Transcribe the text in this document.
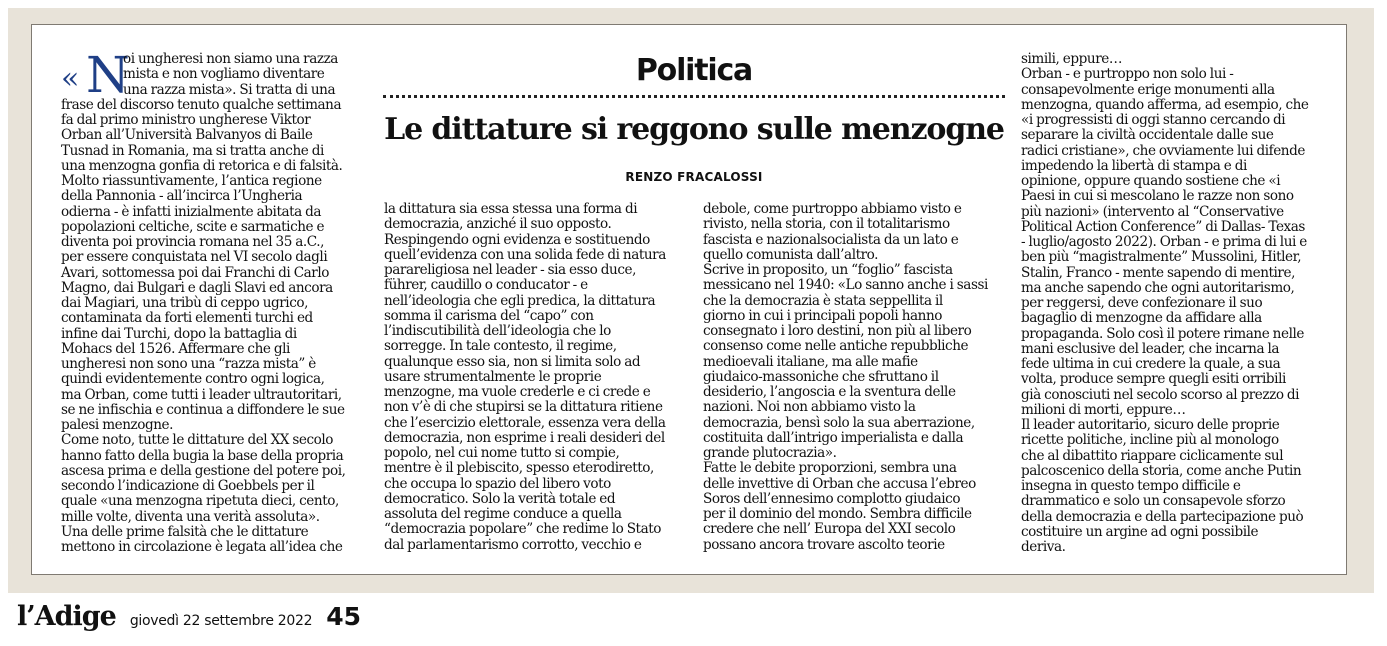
« N
oi ungheresi non siamo una razza
mista e non vogliamo diventare
una razza mista». Si tratta di una
frase del discorso tenuto qualche settimana
fa dal primo ministro ungherese Viktor
Orban all’Università Balvanyos di Baile
Tusnad in Romania, ma si tratta anche di
una menzogna gonfia di retorica e di falsità.
Molto riassuntivamente, l’antica regione
della Pannonia - all’incirca l’Ungheria
odierna - è infatti inizialmente abitata da
popolazioni celtiche, scite e sarmatiche e
diventa poi provincia romana nel 35 a.C.,
per essere conquistata nel VI secolo dagli
Avari, sottomessa poi dai Franchi di Carlo
Magno, dai Bulgari e dagli Slavi ed ancora
dai Magiari, una tribù di ceppo ugrico,
contaminata da forti elementi turchi ed
infine dai Turchi, dopo la battaglia di
Mohacs del 1526. Affermare che gli
ungheresi non sono una “razza mista” è
quindi evidentemente contro ogni logica,
ma Orban, come tutti i leader ultrautoritari,
se ne infischia e continua a diffondere le sue
palesi menzogne.
Come noto, tutte le dittature del XX secolo
hanno fatto della bugia la base della propria
ascesa prima e della gestione del potere poi,
secondo l’indicazione di Goebbels per il
quale «una menzogna ripetuta dieci, cento,
mille volte, diventa una verità assoluta».
Una delle prime falsità che le dittature
mettono in circolazione è legata all’idea che
Politica
Le dittature si reggono sulle menzogne
RENZO FRACALOSSI

la dittatura sia essa stessa una forma di
democrazia, anziché il suo opposto.
Respingendo ogni evidenza e sostituendo
quell’evidenza con una solida fede di natura
parareligiosa nel leader - sia esso duce,
führer, caudillo o conducator - e
nell’ideologia che egli predica, la dittatura
somma il carisma del “capo” con
l’indiscutibilità dell’ideologia che lo
sorregge. In tale contesto, il regime,
qualunque esso sia, non si limita solo ad
usare strumentalmente le proprie
menzogne, ma vuole crederle e ci crede e
non v’è di che stupirsi se la dittatura ritiene
che l’esercizio elettorale, essenza vera della
democrazia, non esprime i reali desideri del
popolo, nel cui nome tutto si compie,
mentre è il plebiscito, spesso eterodiretto,
che occupa lo spazio del libero voto
democratico. Solo la verità totale ed
assoluta del regime conduce a quella
“democrazia popolare” che redime lo Stato
dal parlamentarismo corrotto, vecchio e

debole, come purtroppo abbiamo visto e
rivisto, nella storia, con il totalitarismo
fascista e nazionalsocialista da un lato e
quello comunista dall’altro.
Scrive in proposito, un “foglio” fascista
messicano nel 1940: «Lo sanno anche i sassi
che la democrazia è stata seppellita il
giorno in cui i principali popoli hanno
consegnato i loro destini, non più al libero
consenso come nelle antiche repubbliche
medioevali italiane, ma alle mafie
giudaico-massoniche che sfruttano il
desiderio, l’angoscia e la sventura delle
nazioni. Noi non abbiamo visto la
democrazia, bensì solo la sua aberrazione,
costituita dall’intrigo imperialista e dalla
grande plutocrazia».
Fatte le debite proporzioni, sembra una
delle invettive di Orban che accusa l’ebreo
Soros dell’ennesimo complotto giudaico
per il dominio del mondo. Sembra difficile
credere che nell’ Europa del XXI secolo
possano ancora trovare ascolto teorie

simili, eppure…
Orban - e purtroppo non solo lui -
consapevolmente erige monumenti alla
menzogna, quando afferma, ad esempio, che
«i progressisti di oggi stanno cercando di
separare la civiltà occidentale dalle sue
radici cristiane», che ovviamente lui difende
impedendo la libertà di stampa e di
opinione, oppure quando sostiene che «i
Paesi in cui si mescolano le razze non sono
più nazioni» (intervento al “Conservative
Political Action Conference” di Dallas- Texas
- luglio/agosto 2022). Orban - e prima di lui e
ben più “magistralmente” Mussolini, Hitler,
Stalin, Franco - mente sapendo di mentire,
ma anche sapendo che ogni autoritarismo,
per reggersi, deve confezionare il suo
bagaglio di menzogne da affidare alla
propaganda. Solo così il potere rimane nelle
mani esclusive del leader, che incarna la
fede ultima in cui credere la quale, a sua
volta, produce sempre quegli esiti orribili
già conosciuti nel secolo scorso al prezzo di
milioni di morti, eppure…
Il leader autoritario, sicuro delle proprie
ricette politiche, incline più al monologo
che al dibattito riappare ciclicamente sul
palcoscenico della storia, come anche Putin
insegna in questo tempo difficile e
drammatico e solo un consapevole sforzo
della democrazia e della partecipazione può
costituire un argine ad ogni possibile
deriva.

l’Adige giovedì 22 settembre 2022 45
